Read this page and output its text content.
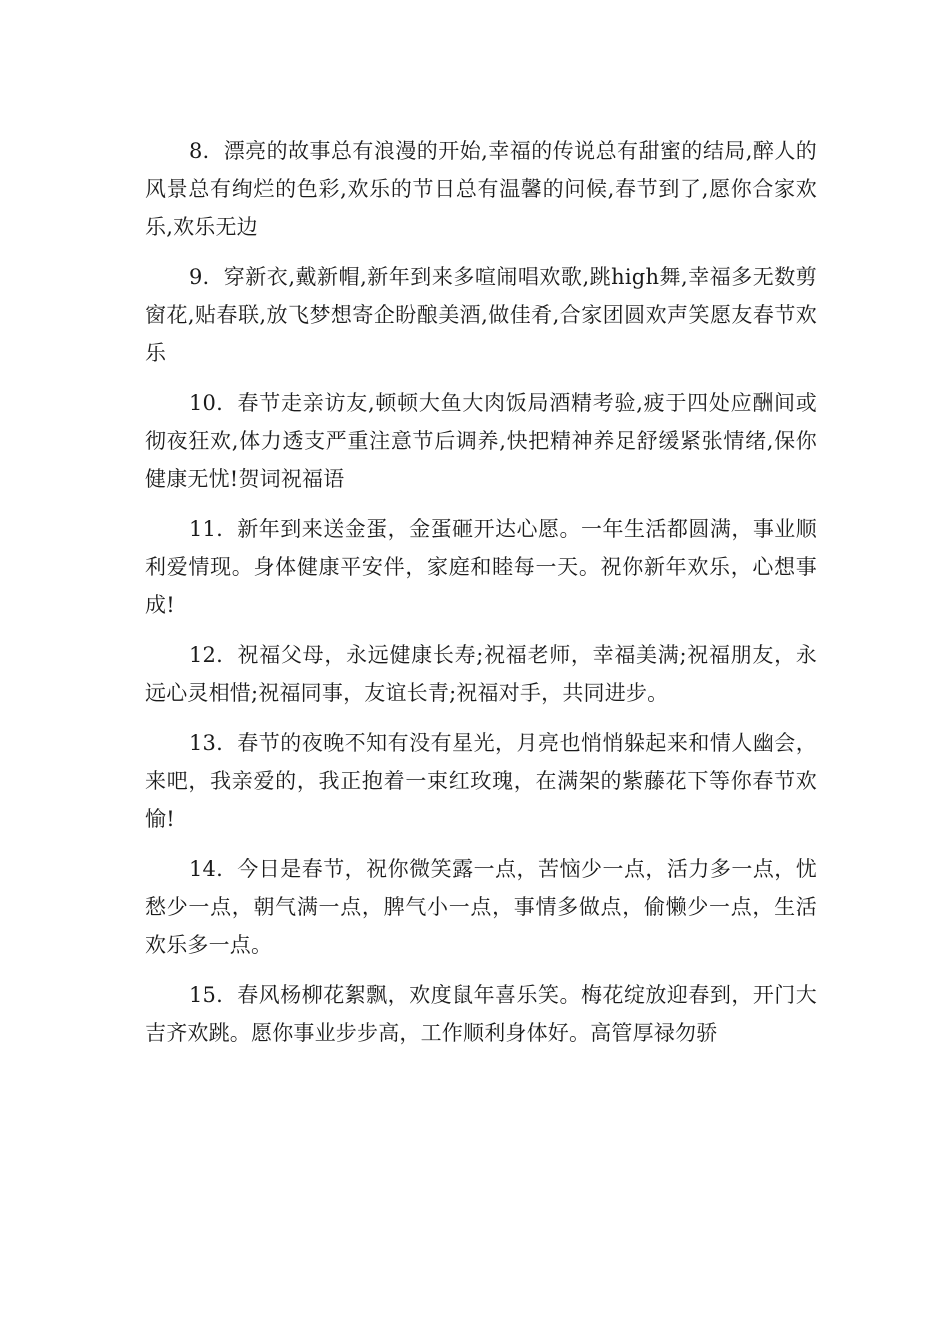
8. 漂亮的故事总有浪漫的开始,幸福的传说总有甜蜜的结局,醉人的风景总有绚烂的色彩,欢乐的节日总有温馨的问候,春节到了,愿你合家欢乐,欢乐无边

9. 穿新衣,戴新帽,新年到来多喧闹唱欢歌,跳high舞,幸福多无数剪窗花,贴春联,放飞梦想寄企盼酿美酒,做佳肴,合家团圆欢声笑愿友春节欢乐

10. 春节走亲访友,顿顿大鱼大肉饭局酒精考验,疲于四处应酬间或彻夜狂欢,体力透支严重注意节后调养,快把精神养足舒缓紧张情绪,保你健康无忧!贺词祝福语

11. 新年到来送金蛋，金蛋砸开达心愿。一年生活都圆满，事业顺利爱情现。身体健康平安伴，家庭和睦每一天。祝你新年欢乐，心想事成!

12. 祝福父母，永远健康长寿;祝福老师，幸福美满;祝福朋友，永远心灵相惜;祝福同事，友谊长青;祝福对手，共同进步。

13. 春节的夜晚不知有没有星光，月亮也悄悄躲起来和情人幽会，来吧，我亲爱的，我正抱着一束红玫瑰，在满架的紫藤花下等你春节欢愉!

14. 今日是春节，祝你微笑露一点，苦恼少一点，活力多一点，忧愁少一点，朝气满一点，脾气小一点，事情多做点，偷懒少一点，生活欢乐多一点。

15. 春风杨柳花絮飘，欢度鼠年喜乐笑。梅花绽放迎春到，开门大吉齐欢跳。愿你事业步步高，工作顺利身体好。高管厚禄勿骄
